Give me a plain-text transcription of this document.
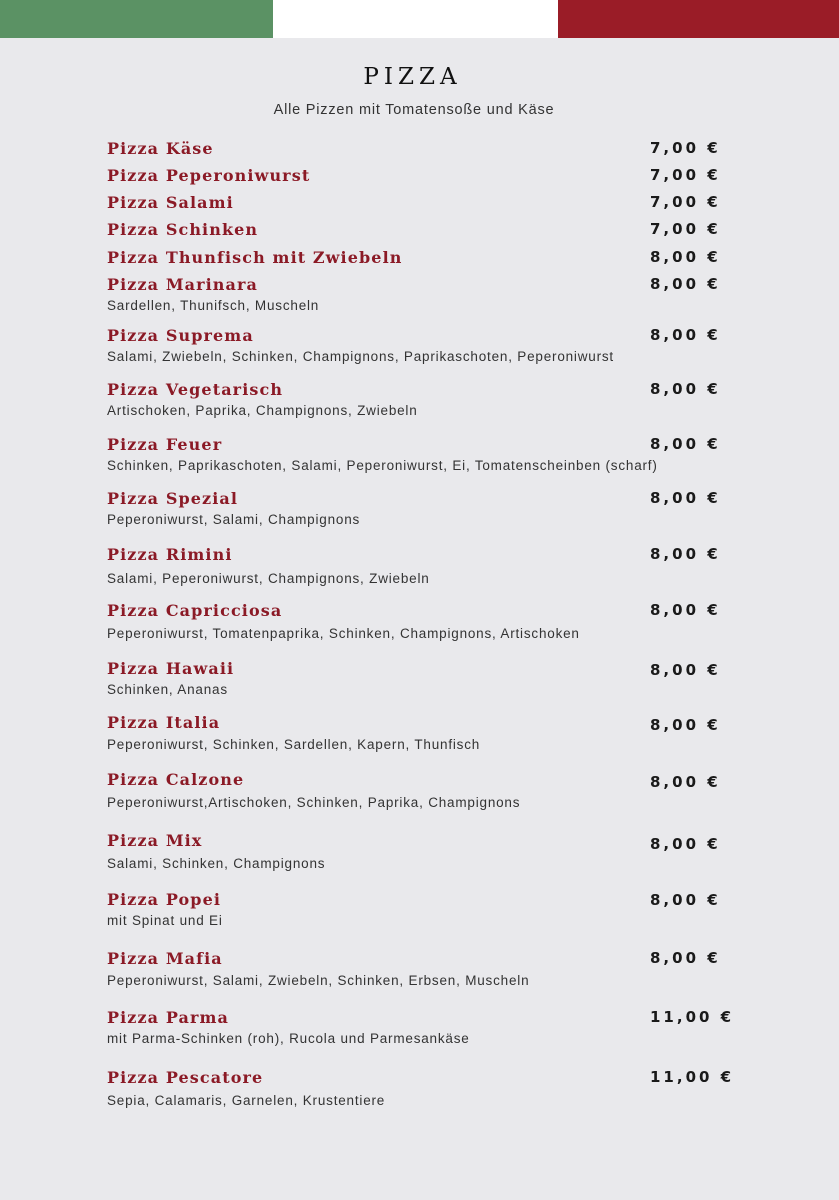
PIZZA
Alle Pizzen mit Tomatensoße und Käse
Pizza Käse	7,00 €
Pizza Peperoniwurst	7,00 €
Pizza Salami	7,00 €
Pizza Schinken	7,00 €
Pizza Thunfisch mit Zwiebeln	8,00 €
Pizza Marinara	8,00 €
Sardellen, Thunifsch, Muscheln
Pizza Suprema	8,00 €
Salami, Zwiebeln, Schinken, Champignons, Paprikaschoten, Peperoniwurst
Pizza Vegetarisch	8,00 €
Artischoken, Paprika, Champignons, Zwiebeln
Pizza Feuer	8,00 €
Schinken, Paprikaschoten, Salami, Peperoniwurst, Ei, Tomatenscheinben (scharf)
Pizza Spezial	8,00 €
Peperoniwurst, Salami, Champignons
Pizza Rimini	8,00 €
Salami, Peperoniwurst, Champignons, Zwiebeln
Pizza Capricciosa	8,00 €
Peperoniwurst, Tomatenpaprika, Schinken, Champignons, Artischoken
Pizza Hawaii	8,00 €
Schinken, Ananas
Pizza Italia	8,00 €
Peperoniwurst, Schinken, Sardellen, Kapern, Thunfisch
Pizza Calzone	8,00 €
Peperoniwurst,Artischoken, Schinken, Paprika, Champignons
Pizza Mix	8,00 €
Salami, Schinken, Champignons
Pizza Popei	8,00 €
mit Spinat und Ei
Pizza Mafia	8,00 €
Peperoniwurst, Salami, Zwiebeln, Schinken, Erbsen, Muscheln
Pizza Parma	11,00 €
mit Parma-Schinken (roh), Rucola und Parmesankäse
Pizza Pescatore	11,00 €
Sepia, Calamaris, Garnelen, Krustentiere
